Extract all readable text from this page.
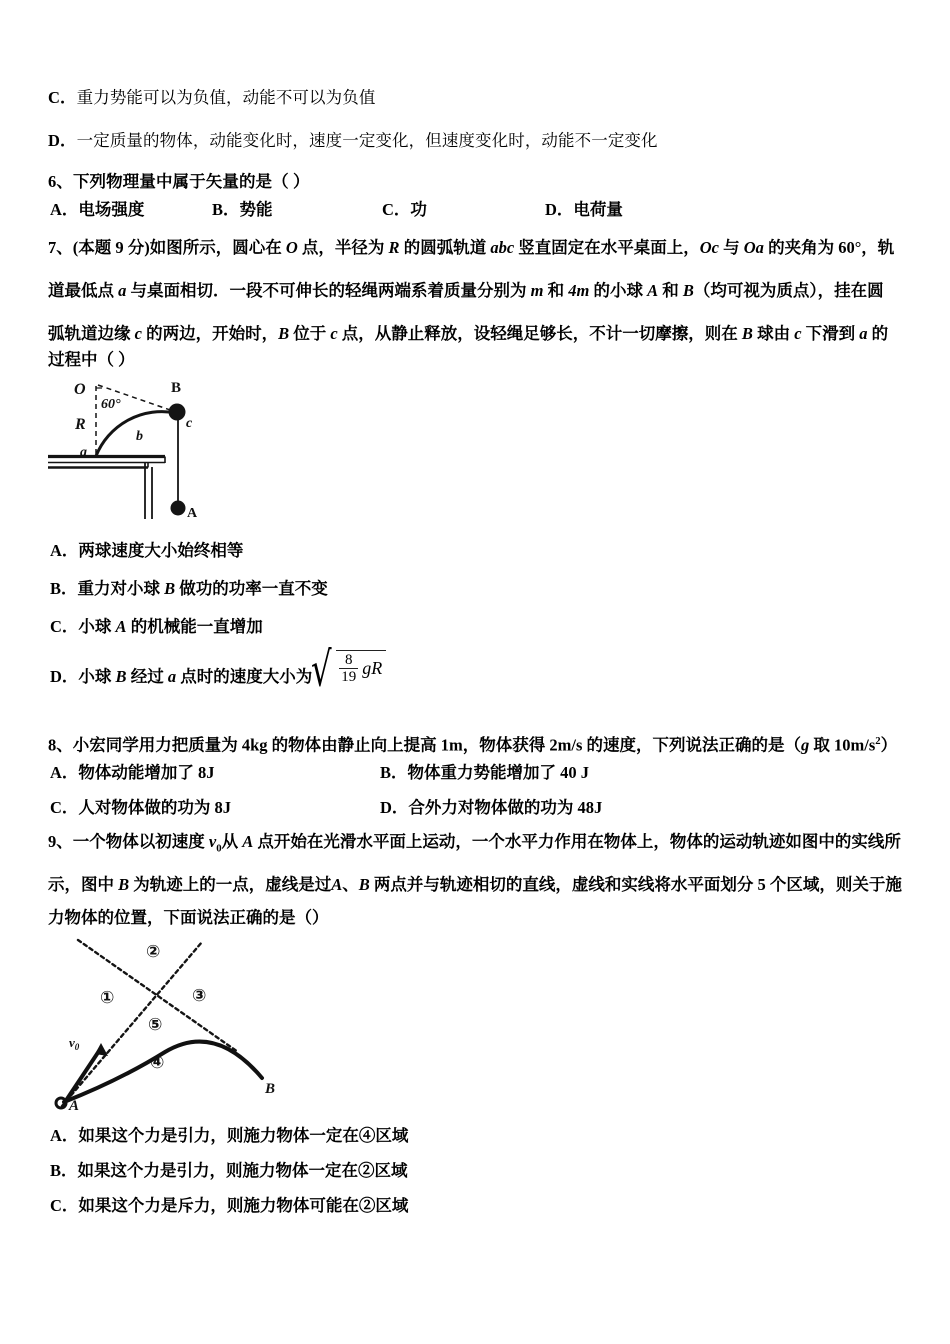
C．重力势能可以为负值，动能不可以为负值
D．一定质量的物体，动能变化时，速度一定变化，但速度变化时，动能不一定变化
6、下列物理量中属于矢量的是（ ）
A．电场强度	B．势能	C．功	D．电荷量
7、(本题 9 分)如图所示，圆心在 O 点，半径为 R 的圆弧轨道 abc 竖直固定在水平桌面上，Oc 与 Oa 的夹角为 60°，轨
道最低点 a 与桌面相切．一段不可伸长的轻绳两端系着质量分别为 m 和 4m 的小球 A 和 B（均可视为质点），挂在圆
弧轨道边缘 c 的两边，开始时，B 位于 c 点，从静止释放，设轻绳足够长，不计一切摩擦，则在 B 球由 c 下滑到 a 的
过程中（ ）
O
R
a
b
c
B
A
60°
A．两球速度大小始终相等
B．重力对小球 B 做功的功率一直不变
C．小球 A 的机械能一直增加
D．小球 B 经过 a 点时的速度大小为
√ $\frac{8}{19}$ gR
8、小宏同学用力把质量为 4kg 的物体由静止向上提高 1m，物体获得 2m/s 的速度，下列说法正确的是（g 取 $10m/s^2$）
A．物体动能增加了 8J	B．物体重力势能增加了 40 J
C．人对物体做的功为 8J	D．合外力对物体做的功为 48J
9、一个物体以初速度 $v_0$从 A 点开始在光滑水平面上运动，一个水平力作用在物体上，物体的运动轨迹如图中的实线所
示，图中 B 为轨迹上的一点，虚线是过A、B 两点并与轨迹相切的直线，虚线和实线将水平面划分 5 个区域，则关于施
力物体的位置，下面说法正确的是（）
A
B
$v_0$
①
②
③
④
⑤
A．如果这个力是引力，则施力物体一定在④区域
B．如果这个力是引力，则施力物体一定在②区域
C．如果这个力是斥力，则施力物体可能在②区域
